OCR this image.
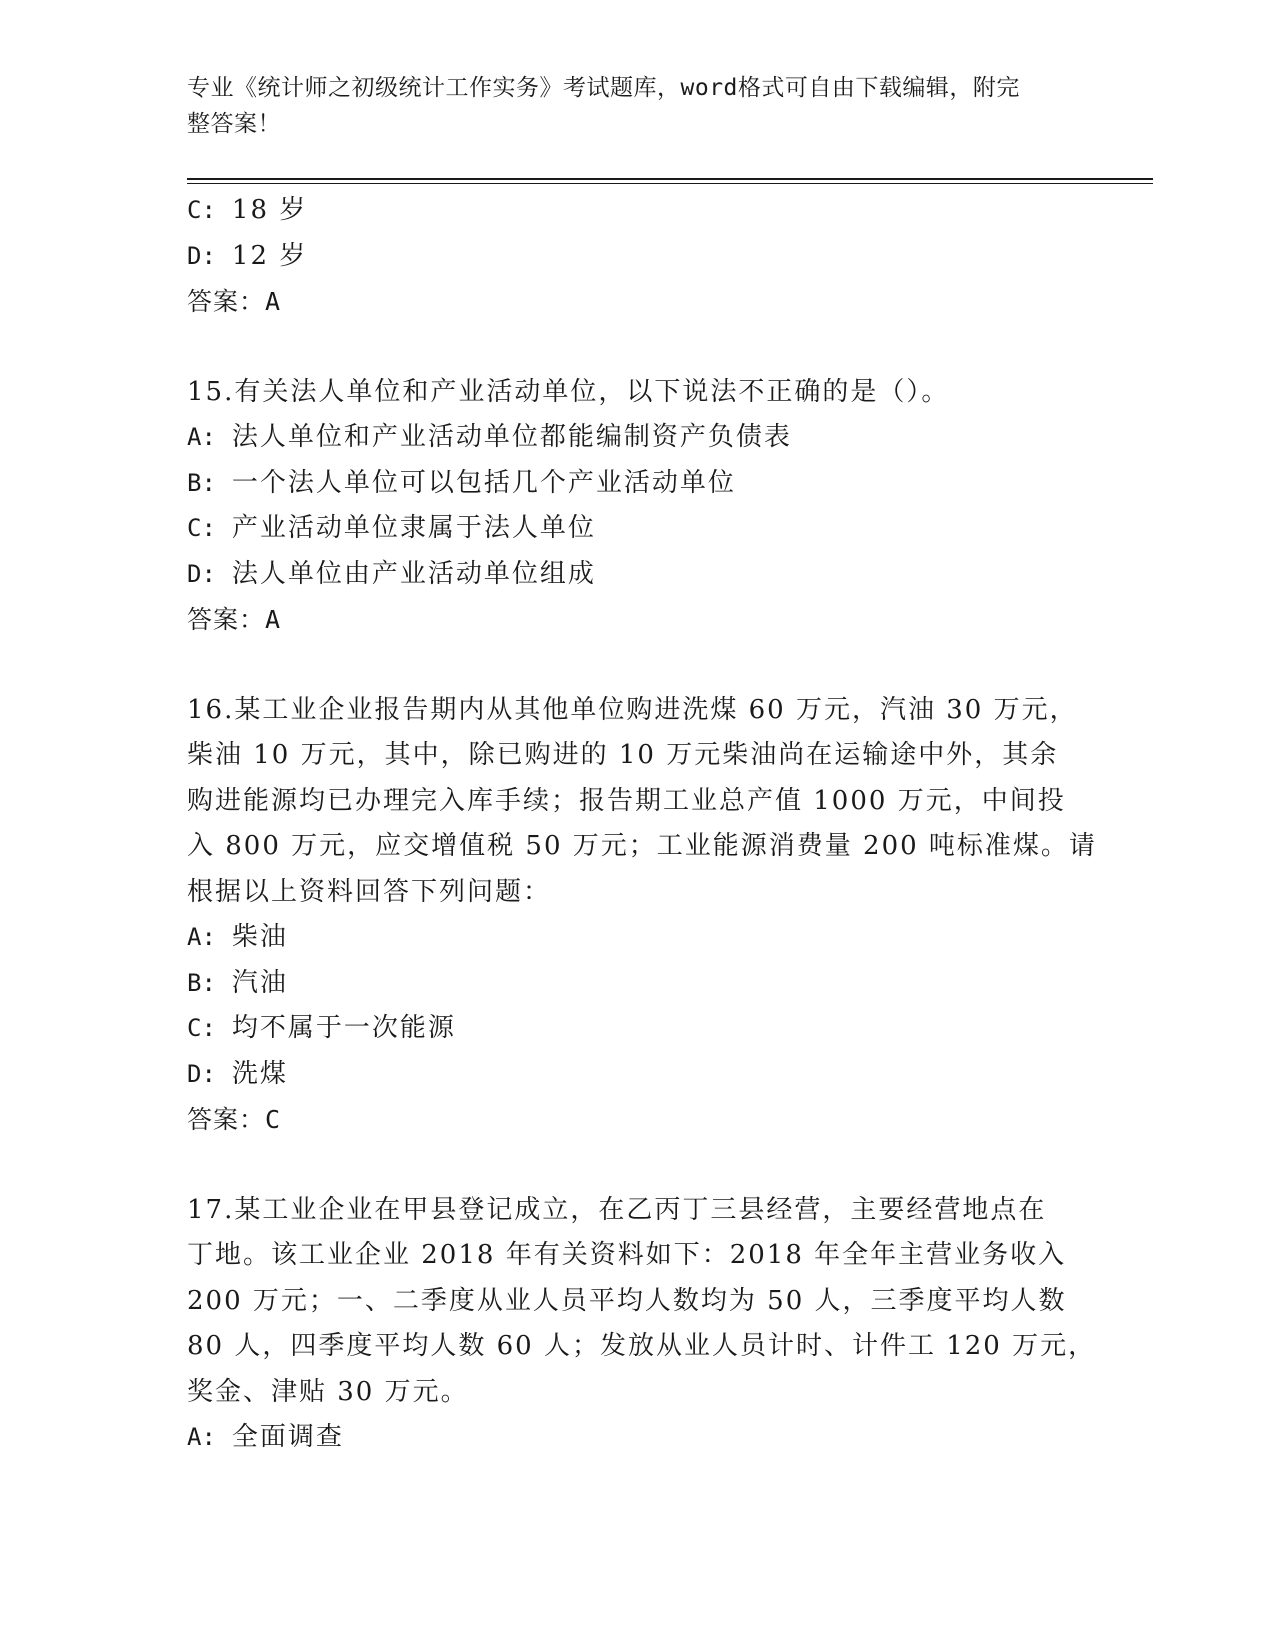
专业《统计师之初级统计工作实务》考试题库，word格式可自由下载编辑，附完
整答案！
C: 18 岁
D: 12 岁
答案：A
15.有关法人单位和产业活动单位，以下说法不正确的是（）。
A: 法人单位和产业活动单位都能编制资产负债表
B: 一个法人单位可以包括几个产业活动单位
C: 产业活动单位隶属于法人单位
D: 法人单位由产业活动单位组成
答案：A
16.某工业企业报告期内从其他单位购进洗煤 60 万元，汽油 30 万元，
柴油 10 万元，其中，除已购进的 10 万元柴油尚在运输途中外，其余
购进能源均已办理完入库手续；报告期工业总产值 1000 万元，中间投
入 800 万元，应交增值税 50 万元；工业能源消费量 200 吨标准煤。请
根据以上资料回答下列问题：
A: 柴油
B: 汽油
C: 均不属于一次能源
D: 洗煤
答案：C
17.某工业企业在甲县登记成立，在乙丙丁三县经营，主要经营地点在
丁地。该工业企业 2018 年有关资料如下：2018 年全年主营业务收入
200 万元；一、二季度从业人员平均人数均为 50 人，三季度平均人数
80 人，四季度平均人数 60 人；发放从业人员计时、计件工 120 万元，
奖金、津贴 30 万元。
A: 全面调查
